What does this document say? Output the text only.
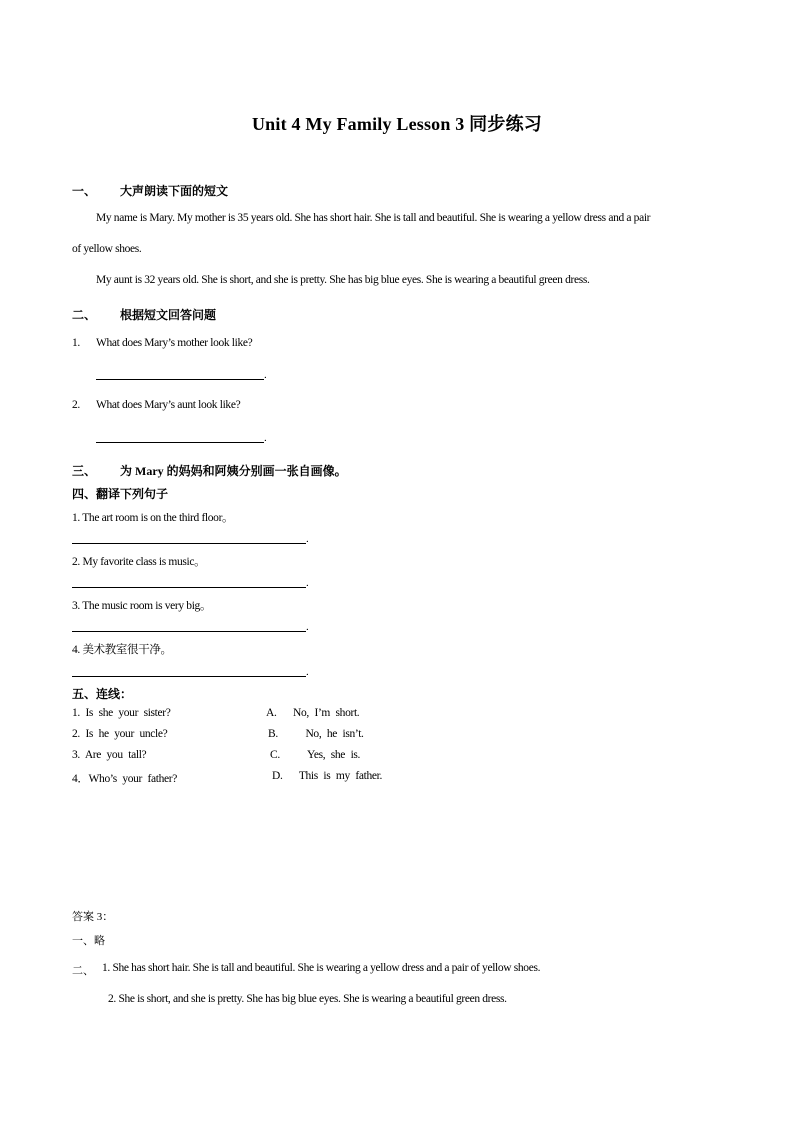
Unit 4 My Family Lesson 3 同步练习
一、 大声朗读下面的短文
My name is Mary. My mother is 35 years old. She has short hair. She is tall and beautiful. She is wearing a yellow dress and a pair
of yellow shoes.
My aunt is 32 years old. She is short, and she is pretty. She has big blue eyes. She is wearing a beautiful green dress.
二、 根据短文回答问题
1. What does Mary’s mother look like?
.
2. What does Mary’s aunt look like?
.
三、 为 Mary 的妈妈和阿姨分别画一张自画像。
四、翻译下列句子
1. The art room is on the third floor。
.
2. My favorite class is music。
.
3. The music room is very big。
.
4. 美术教室很干净。
.
五、连线：
1. Is she your sister?
2. Is he your uncle?
3. Are you tall?
4．Who’s your father?
A.   No, I’m short.
B.     No, he isn’t.
C.     Yes, she is.
D.   This is my father.
答案 3：
一、略
二、 1. She has short hair. She is tall and beautiful. She is wearing a yellow dress and a pair of yellow shoes.
2. She is short, and she is pretty. She has big blue eyes. She is wearing a beautiful green dress.
